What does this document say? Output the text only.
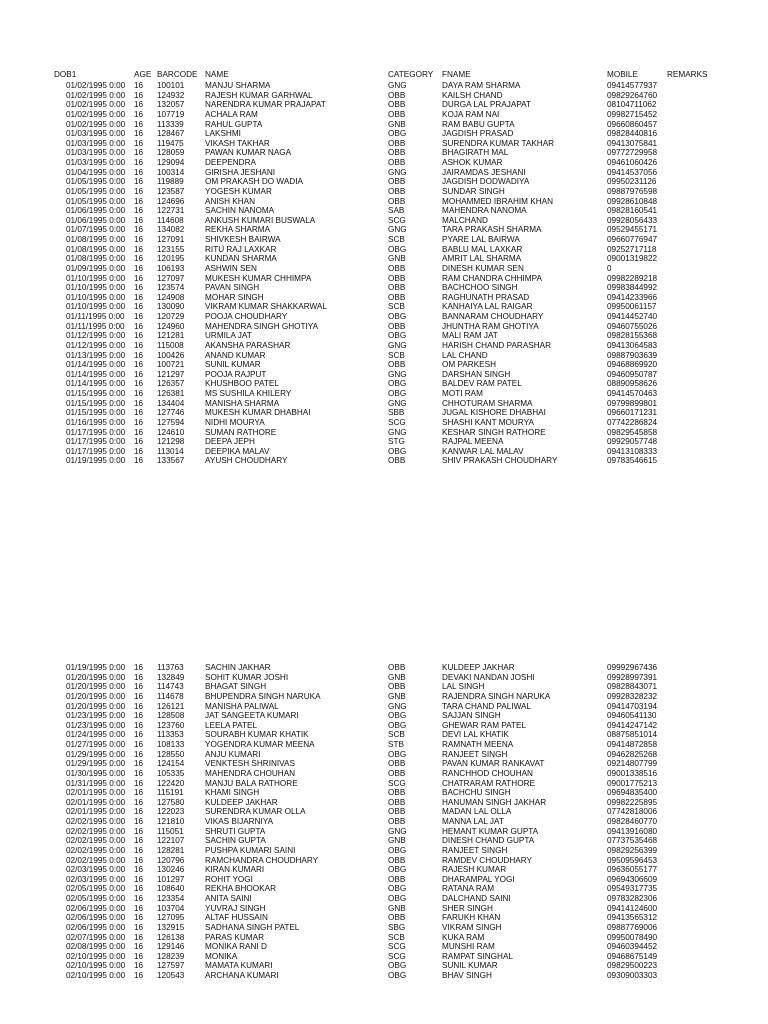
DOB1	AGE BARCODE NAME	CATEGORY FNAME	MOBILE	REMARKS
01/02/1995 0:00 16 100101	MANJU SHARMA	GNG	DAYA RAM SHARMA	09414577937
01/02/1995 0:00 16 124932	RAJESH KUMAR GARHWAL	OBB	KAILSH CHAND	09829264760
01/02/1995 0:00 16 132057	NARENDRA KUMAR PRAJAPAT	OBB	DURGA LAL PRAJAPAT	08104711062
01/02/1995 0:00 16 107719	ACHALA RAM	OBB	KOJA RAM NAI	09982715452
01/02/1995 0:00 16 113339	RAHUL GUPTA	GNB	RAM BABU GUPTA	09660860457
01/03/1995 0:00 16 128467	LAKSHMI	OBG	JAGDISH PRASAD	09828440816
01/03/1995 0:00 16 119475	VIKASH TAKHAR	OBB	SURENDRA KUMAR TAKHAR	09413075841
01/03/1995 0:00 16 128059	PAWAN KUMAR NAGA	OBB	BHAGIRATH MAL	09772729958
01/03/1995 0:00 16 129094	DEEPENDRA	OBB	ASHOK KUMAR	09461060426
01/04/1995 0:00 16 100314	GIRISHA JESHANI	GNG	JAIRAMDAS JESHANI	09414537056
01/05/1995 0:00 16 119889	OM PRAKASH DO WADIA	OBB	JAGDISH DODWADIYA	09950231126
01/05/1995 0:00 16 123587	YOGESH KUMAR	OBB	SUNDAR SINGH	09887976598
01/05/1995 0:00 16 124696	ANISH KHAN	OBB	MOHAMMED IBRAHIM KHAN	09928610848
01/06/1995 0:00 16 122731	SACHIN NANOMA	SAB	MAHENDRA NANOMA	09828160541
01/06/1995 0:00 16 114608	ANKUSH KUMARI BUSWALA	SCG	MALCHAND	09928056433
01/07/1995 0:00 16 134082	REKHA SHARMA	GNG	TARA PRAKASH SHARMA	09529455171
01/08/1995 0:00 16 127091	SHIVKESH BAIRWA	SCB	PYARE LAL BAIRWA	09660776947
01/08/1995 0:00 16 123155	RITU RAJ LAXKAR	OBG	BABLU MAL LAXKAR	09252717118
01/08/1995 0:00 16 120195	KUNDAN SHARMA	GNB	AMRIT LAL SHARMA	09001319822
01/09/1995 0:00 16 106193	ASHWIN SEN	OBB	DINESH KUMAR SEN	0
01/10/1995 0:00 16 127097	MUKESH KUMAR CHHIMPA	OBB	RAM CHANDRA CHHIMPA	09982289218
01/10/1995 0:00 16 123574	PAVAN SINGH	OBB	BACHCHOO SINGH	09983844992
01/10/1995 0:00 16 124908	MOHAR SINGH	OBB	RAGHUNATH PRASAD	09414233966
01/10/1995 0:00 16 130090	VIKRAM KUMAR SHAKKARWAL	SCB	KANHAIYA LAL RAIGAR	09950061157
01/11/1995 0:00 16 120729	POOJA CHOUDHARY	OBG	BANNARAM CHOUDHARY	09414452740
01/11/1995 0:00 16 124960	MAHENDRA SINGH GHOTIYA	OBB	JHUNTHA RAM GHOTIYA	09460755026
01/12/1995 0:00 16 121281	URMILA JAT	OBG	MALI RAM JAT	09828155368
01/12/1995 0:00 16 115008	AKANSHA PARASHAR	GNG	HARISH CHAND PARASHAR	09413064583
01/13/1995 0:00 16 100426	ANAND KUMAR	SCB	LAL CHAND	09887903639
01/14/1995 0:00 16 100721	SUNIL KUMAR	OBB	OM PARKESH	09468869920
01/14/1995 0:00 16 121297	POOJA RAJPUT	GNG	DARSHAN SINGH	09460950787
01/14/1995 0:00 16 126357	KHUSHBOO PATEL	OBG	BALDEV RAM PATEL	08890958626
01/15/1995 0:00 16 126381	MS SUSHILA KHILERY	OBG	MOTI RAM	09414570463
01/15/1995 0:00 16 134404	MANISHA SHARMA	GNG	CHHOTURAM SHARMA	09799899801
01/15/1995 0:00 16 127746	MUKESH KUMAR DHABHAI	SBB	JUGAL KISHORE DHABHAI	09660171231
01/16/1995 0:00 16 127594	NIDHI MOURYA	SCG	SHASHI KANT MOURYA	07742286824
01/17/1995 0:00 16 124610	SUMAN RATHORE	GNG	KESHAR SINGH RATHORE	09829545858
01/17/1995 0:00 16 121298	DEEPA JEPH	STG	RAJPAL MEENA	09929057748
01/17/1995 0:00 16 113014	DEEPIKA MALAV	OBG	KANWAR LAL MALAV	09413108333
01/19/1995 0:00 16 133567	AYUSH CHOUDHARY	OBB	SHIV PRAKASH CHOUDHARY	09783546615
01/19/1995 0:00 16 113763	SACHIN JAKHAR	OBB	KULDEEP JAKHAR	09992967436
01/20/1995 0:00 16 132849	SOHIT KUMAR JOSHI	GNB	DEVAKI NANDAN JOSHI	09928997391
01/20/1995 0:00 16 114743	BHAGAT SINGH	OBB	LAL SINGH	09828843071
01/20/1995 0:00 16 114678	BHUPENDRA SINGH NARUKA	GNB	RAJENDRA SINGH NARUKA	09928328232
01/20/1995 0:00 16 126121	MANISHA PALIWAL	GNG	TARA CHAND PALIWAL	09414703194
01/23/1995 0:00 16 128508	JAT SANGEETA KUMARI	OBG	SAJJAN SINGH	09460541130
01/23/1995 0:00 16 123760	LEELA PATEL	OBG	GHEWAR RAM PATEL	09414247142
01/24/1995 0:00 16 113353	SOURABH KUMAR KHATIK	SCB	DEVI LAL KHATIK	08875851014
01/27/1995 0:00 16 108133	YOGENDRA KUMAR MEENA	STB	RAMNATH MEENA	09414872858
01/29/1995 0:00 16 128550	ANJU KUMARI	OBG	RANJEET SINGH	09462825268
01/29/1995 0:00 16 124154	VENKTESH SHRINIVAS	OBB	PAVAN KUMAR RANKAVAT	09214807799
01/30/1995 0:00 16 105335	MAHENDRA CHOUHAN	OBB	RANCHHOD CHOUHAN	09001338516
01/31/1995 0:00 16 122420	MANJU BALA RATHORE	SCG	CHATRARAM RATHORE	09001775213
02/01/1995 0:00 16 115191	KHAMI SINGH	OBB	BACHCHU SINGH	09694835400
02/01/1995 0:00 16 127580	KULDEEP JAKHAR	OBB	HANUMAN SINGH JAKHAR	09982225895
02/01/1995 0:00 16 122023	SURENDRA KUMAR OLLA	OBB	MADAN LAL OLLA	07742818006
02/02/1995 0:00 16 121810	VIKAS BIJARNIYA	OBB	MANNA LAL JAT	09828460770
02/02/1995 0:00 16 115051	SHRUTI GUPTA	GNG	HEMANT KUMAR GUPTA	09413916080
02/02/1995 0:00 16 122107	SACHIN GUPTA	GNB	DINESH CHAND GUPTA	07737535468
02/02/1995 0:00 16 128281	PUSHPA KUMARI SAINI	OBG	RANJEET SINGH	09829256399
02/02/1995 0:00 16 120796	RAMCHANDRA CHOUDHARY	OBB	RAMDEV CHOUDHARY	09509596453
02/03/1995 0:00 16 130246	KIRAN KUMARI	OBG	RAJESH KUMAR	09636055177
02/03/1995 0:00 16 101297	ROHIT YOGI	OBB	DHARAMPAL YOGI	09694306609
02/05/1995 0:00 16 108640	REKHA BHOOKAR	OBG	RATANA RAM	09549317735
02/05/1995 0:00 16 123354	ANITA SAINI	OBG	DALCHAND SAINI	09783282306
02/06/1995 0:00 16 103704	YUVRAJ SINGH	GNB	SHER SINGH	09414124600
02/06/1995 0:00 16 127095	ALTAF HUSSAIN	OBB	FARUKH KHAN	09413565312
02/06/1995 0:00 16 132915	SADHANA SINGH PATEL	SBG	VIKRAM SINGH	09887769006
02/07/1995 0:00 16 126138	PARAS KUMAR	SCB	KUKA RAM	09950078490
02/08/1995 0:00 16 129146	MONIKA RANI D	SCG	MUNSHI RAM	09460394452
02/10/1995 0:00 16 128239	MONIKA	SCG	RAMPAT SINGHAL	09468675149
02/10/1995 0:00 16 127597	MAMATA KUMARI	OBG	SUNIL KUMAR	09829500223
02/10/1995 0:00 16 120543	ARCHANA KUMARI	OBG	BHAV SINGH	09309003303
